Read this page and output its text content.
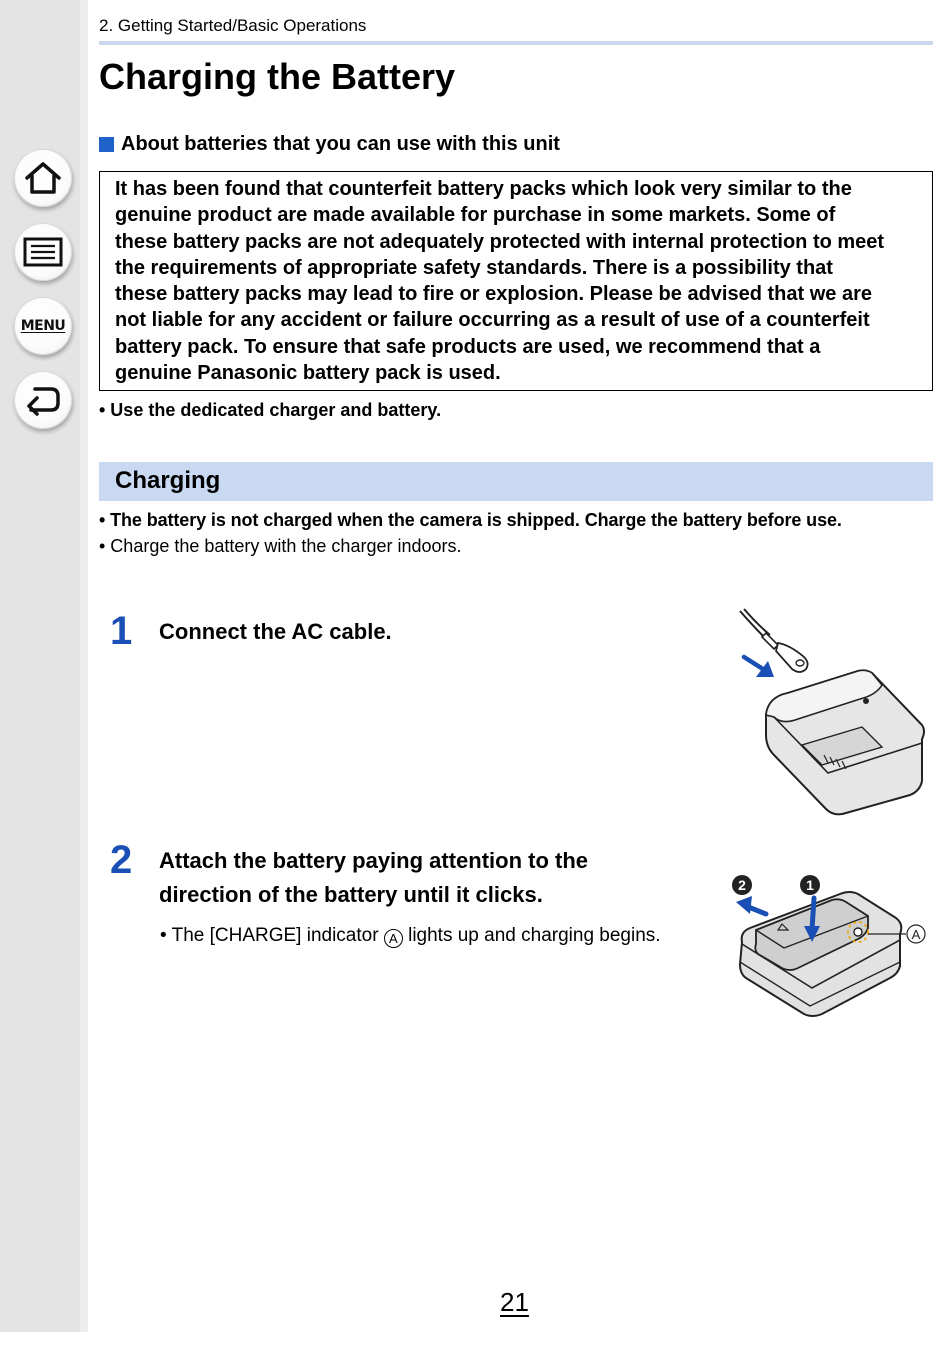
MENU
2. Getting Started/Basic Operations
Charging the Battery
About batteries that you can use with this unit
It has been found that counterfeit battery packs which look very similar to the
genuine product are made available for purchase in some markets. Some of
these battery packs are not adequately protected with internal protection to meet
the requirements of appropriate safety standards. There is a possibility that
these battery packs may lead to fire or explosion. Please be advised that we are
not liable for any accident or failure occurring as a result of use of a counterfeit
battery pack. To ensure that safe products are used, we recommend that a
genuine Panasonic battery pack is used.
• Use the dedicated charger and battery.
Charging
• The battery is not charged when the camera is shipped. Charge the battery before use.
• Charge the battery with the charger indoors.
1 Connect the AC cable.
2 Attach the battery paying attention to the direction of the battery until it clicks.
• The [CHARGE] indicator A lights up and charging begins.
1
2
A
21
